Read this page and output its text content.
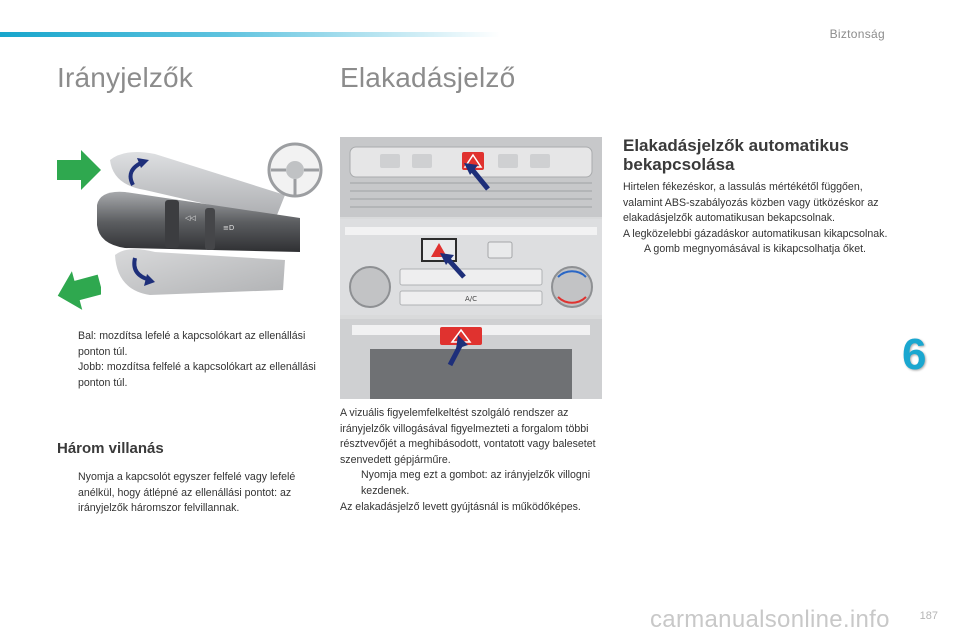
Biztonság
Irányjelzők	Elakadásjelző
◁◁
≡D

Bal: mozdítsa lefelé a kapcsolókart az ellenállási ponton túl.

Jobb: mozdítsa felfelé a kapcsolókart az ellenállási ponton túl.

Három villanás

Nyomja a kapcsolót egyszer felfelé vagy lefelé anélkül, hogy átlépné az ellenállási pontot: az irányjelzők háromszor felvillannak.

A/C

A vizuális figyelemfelkeltést szolgáló rendszer az irányjelzők villogásával figyelmezteti a forgalom többi résztvevőjét a meghibásodott, vontatott vagy balesetet szenvedett gépjárműre.

Nyomja meg ezt a gombot: az irányjelzők villogni kezdenek.

Az elakadásjelző levett gyújtásnál is működőképes.

Elakadásjelzők automatikus bekapcsolása

Hirtelen fékezéskor, a lassulás mértékétől függően, valamint ABS-szabályozás közben vagy ütközéskor az elakadásjelzők automatikusan bekapcsolnak.

A legközelebbi gázadáskor automatikusan kikapcsolnak.

A gomb megnyomásával is kikapcsolhatja őket.

6
carmanualsonline.info	187
